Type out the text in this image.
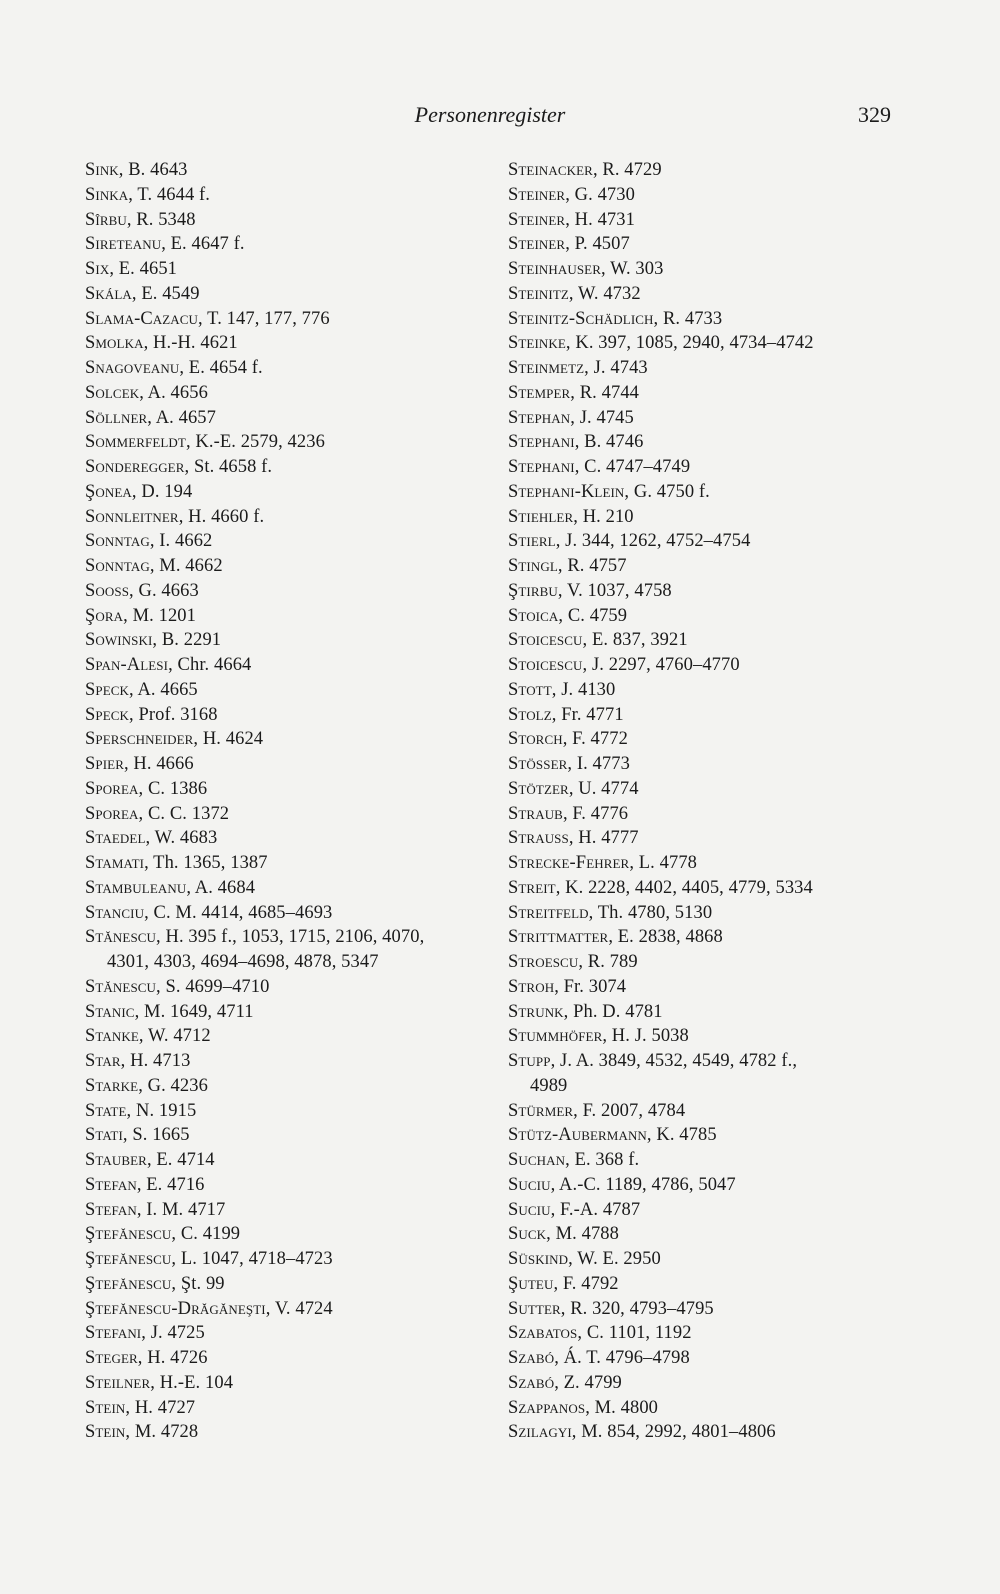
Personenregister	329
Sink, B. 4643
Sinka, T. 4644 f.
Sîrbu, R. 5348
Sireteanu, E. 4647 f.
Six, E. 4651
Skála, E. 4549
Slama-Cazacu, T. 147, 177, 776
Smolka, H.-H. 4621
Snagoveanu, E. 4654 f.
Solcek, A. 4656
Söllner, A. 4657
Sommerfeldt, K.-E. 2579, 4236
Sonderegger, St. 4658 f.
Şonea, D. 194
Sonnleitner, H. 4660 f.
Sonntag, I. 4662
Sonntag, M. 4662
Sooss, G. 4663
Şora, M. 1201
Sowinski, B. 2291
Span-Alesi, Chr. 4664
Speck, A. 4665
Speck, Prof. 3168
Sperschneider, H. 4624
Spier, H. 4666
Sporea, C. 1386
Sporea, C. C. 1372
Staedel, W. 4683
Stamati, Th. 1365, 1387
Stambuleanu, A. 4684
Stanciu, C. M. 4414, 4685–4693
Stănescu, H. 395 f., 1053, 1715, 2106, 4070,
4301, 4303, 4694–4698, 4878, 5347
Stănescu, S. 4699–4710
Stanic, M. 1649, 4711
Stanke, W. 4712
Star, H. 4713
Starke, G. 4236
State, N. 1915
Stati, S. 1665
Stauber, E. 4714
Stefan, E. 4716
Stefan, I. M. 4717
Ştefănescu, C. 4199
Ştefănescu, L. 1047, 4718–4723
Ştefănescu, Şt. 99
Ştefănescu-Drăgăneşti, V. 4724
Stefani, J. 4725
Steger, H. 4726
Steilner, H.-E. 104
Stein, H. 4727
Stein, M. 4728
Steinacker, R. 4729
Steiner, G. 4730
Steiner, H. 4731
Steiner, P. 4507
Steinhauser, W. 303
Steinitz, W. 4732
Steinitz-Schädlich, R. 4733
Steinke, K. 397, 1085, 2940, 4734–4742
Steinmetz, J. 4743
Stemper, R. 4744
Stephan, J. 4745
Stephani, B. 4746
Stephani, C. 4747–4749
Stephani-Klein, G. 4750 f.
Stiehler, H. 210
Stierl, J. 344, 1262, 4752–4754
Stingl, R. 4757
Ştirbu, V. 1037, 4758
Stoica, C. 4759
Stoicescu, E. 837, 3921
Stoicescu, J. 2297, 4760–4770
Stott, J. 4130
Stolz, Fr. 4771
Storch, F. 4772
Stösser, I. 4773
Stötzer, U. 4774
Straub, F. 4776
Strauss, H. 4777
Strecke-Fehrer, L. 4778
Streit, K. 2228, 4402, 4405, 4779, 5334
Streitfeld, Th. 4780, 5130
Strittmatter, E. 2838, 4868
Stroescu, R. 789
Stroh, Fr. 3074
Strunk, Ph. D. 4781
Stummhöfer, H. J. 5038
Stupp, J. A. 3849, 4532, 4549, 4782 f.,
4989
Stürmer, F. 2007, 4784
Stütz-Aubermann, K. 4785
Suchan, E. 368 f.
Suciu, A.-C. 1189, 4786, 5047
Suciu, F.-A. 4787
Suck, M. 4788
Süskind, W. E. 2950
Şuteu, F. 4792
Sutter, R. 320, 4793–4795
Szabatos, C. 1101, 1192
Szabó, Á. T. 4796–4798
Szabó, Z. 4799
Szappanos, M. 4800
Szilagyi, M. 854, 2992, 4801–4806
